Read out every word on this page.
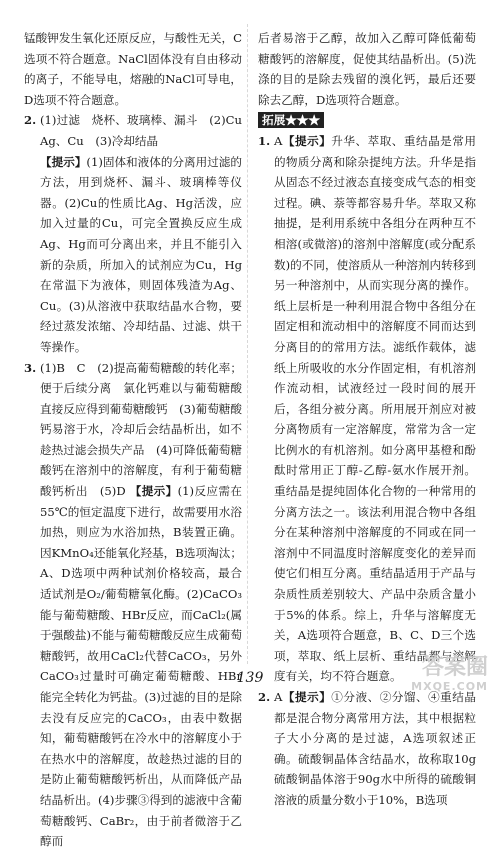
锰酸钾发生氧化还原反应，与酸性无关，C选项不符合题意。NaCl固体没有自由移动的离子，不能导电，熔融的NaCl可导电，D选项不符合题意。

2. (1)过滤　烧杯、玻璃棒、漏斗　(2)Cu　Ag、Cu　(3)冷却结晶
【提示】(1)固体和液体的分离用过滤的方法，用到烧杯、漏斗、玻璃棒等仪器。(2)Cu的性质比Ag、Hg活泼，应加入过量的Cu，可完全置换反应生成Ag、Hg而可分离出来，并且不能引入新的杂质，所加入的试剂应为Cu，Hg在常温下为液体，则固体残渣为Ag、Cu。(3)从溶液中获取结晶水合物，要经过蒸发浓缩、冷却结晶、过滤、烘干等操作。
3. (1)B　C　(2)提高葡萄糖酸的转化率；便于后续分离　氯化钙难以与葡萄糖酸直接反应得到葡萄糖酸钙　(3)葡萄糖酸钙易溶于水，冷却后会结晶析出，如不趁热过滤会损失产品　(4)可降低葡萄糖酸钙在溶剂中的溶解度，有利于葡萄糖酸钙析出　(5)D 【提示】(1)反应需在55℃的恒定温度下进行，故需要用水浴加热，则应为水浴加热，B装置正确。因KMnO₄还能氧化羟基，B选项淘汰；A、D选项中两种试剂价格较高，最合适试剂是O₂/葡萄糖氧化酶。(2)CaCO₃能与葡萄糖酸、HBr反应，而CaCl₂(属于强酸盐)不能与葡萄糖酸反应生成葡萄糖酸钙，故用CaCl₂代替CaCO₃，另外CaCO₃过量时可确定葡萄糖酸、HBr能完全转化为钙盐。(3)过滤的目的是除去没有反应完的CaCO₃，由表中数据知，葡萄糖酸钙在冷水中的溶解度小于在热水中的溶解度，故趁热过滤的目的是防止葡萄糖酸钙析出，从而降低产品结晶析出。(4)步骤③得到的滤液中含葡萄糖酸钙、CaBr₂，由于前者微溶于乙醇而

后者易溶于乙醇，故加入乙醇可降低葡萄糖酸钙的溶解度，促使其结晶析出。(5)洗涤的目的是除去残留的溴化钙，最后还要除去乙醇，D选项符合题意。

拓展★★★
1. A【提示】升华、萃取、重结晶是常用的物质分离和除杂提纯方法。升华是指从固态不经过液态直接变成气态的相变过程。碘、萘等都容易升华。萃取又称抽提，是利用系统中各组分在两种互不相溶(或微溶)的溶剂中溶解度(或分配系数)的不同，使溶质从一种溶剂内转移到另一种溶剂中，从而实现分离的操作。纸上层析是一种利用混合物中各组分在固定相和流动相中的溶解度不同而达到分离目的的常用方法。滤纸作载体，滤纸上所吸收的水分作固定相，有机溶剂作流动相，试液经过一段时间的展开后，各组分被分离。所用展开剂应对被分离物质有一定溶解度，常常为含一定比例水的有机溶剂。如分离甲基橙和酚酞时常用正丁醇-乙醇-氨水作展开剂。重结晶是提纯固体化合物的一种常用的分离方法之一。该法利用混合物中各组分在某种溶剂中溶解度的不同或在同一溶剂中不同温度时溶解度变化的差异而使它们相互分离。重结晶适用于产品与杂质性质差别较大、产品中杂质含量小于5%的体系。综上，升华与溶解度无关，A选项符合题意，B、C、D三个选项，萃取、纸上层析、重结晶都与溶解度有关，均不符合题意。
2. A【提示】①分液、②分馏、④重结晶都是混合物分离常用方法，其中根据粒子大小分离的是过滤，A选项叙述正确。硫酸铜晶体含结晶水，故称取10g硫酸铜晶体溶于90g水中所得的硫酸铜溶液的质量分数小于10%，B选项
139	答案圈
MXQE.COM
